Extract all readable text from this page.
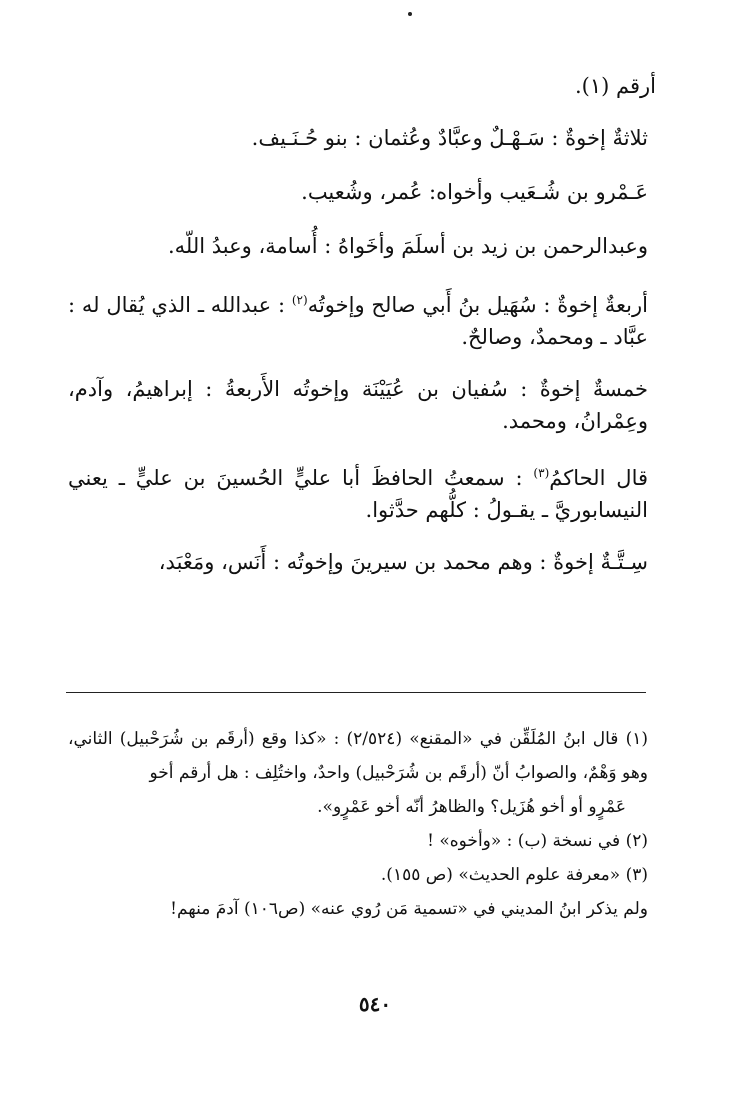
أرقم (١).

ثلاثةٌ إخوةٌ : سَـهْـلٌ وعبَّادٌ وعُثمان : بنو حُـنَـيف.

عَـمْرو بن شُـعَيب وأخواه: عُمر، وشُعيب.

وعبدالرحمن بن زيد بن أسلَمَ وأخَواهُ : أُسامة، وعبدُ اللّه.

أربعةٌ إخوةٌ : سُهَيل بنُ أَبي صالح وإخوتُه$^{(٢)}$ : عبدالله ـ الذي يُقال له : عبَّاد ـ ومحمدٌ، وصالحٌ.

خمسةٌ إخوةٌ : سُفيان بن عُيَيْنَة وإخوتُه الأَربعةُ : إبراهيمُ، وآدم، وعِمْرانُ، ومحمد.

قال الحاكمُ$^{(٣)}$ : سمعتُ الحافظَ أبا عليٍّ الحُسينَ بن عليٍّ ـ يعني النيسابوريَّ ـ يقـولُ : كلُّهم حدَّثوا.

سِـتَّـةٌ إخوةٌ : وهم محمد بن سيرينَ وإخوتُه : أَنَس، ومَعْبَد،

(١) قال ابنُ المُلَقِّن في «المقنع» (٢/٥٢٤) : «كذا وقع (أرقَم بن شُرَحْبيل) الثاني، وهو وَهْمٌ، والصوابُ أنّ (أرقَم بن شُرَحْبيل) واحدٌ، واختُلِف : هل أرقم أخو

عَمْرٍو أو أخو هُزَيل؟ والظاهرُ أنّه أخو عَمْرٍو».

(٢) في نسخة (ب) : «وأخوه» !

(٣) «معرفة علوم الحديث» (ص ١٥٥).

ولم يذكر ابنُ المديني في «تسمية مَن رُوي عنه» (ص١٠٦) آدمَ منهم!

٥٤٠
